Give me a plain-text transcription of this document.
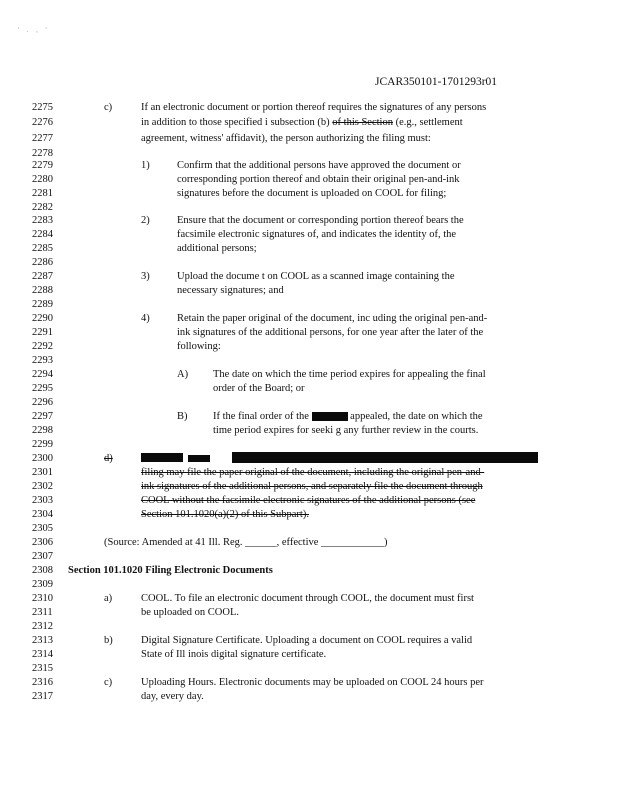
' . , '
JCAR350101-1701293r01
2275
2276
2277
2278
2279
2280
2281
2282
2283
2284
2285
2286
2287
2288
2289
2290
2291
2292
2293
2294
2295
2296
2297
2298
2299
2300
2301
2302
2303
2304
2305
2306
2307
2308
2309
2310
2311
2312
2313
2314
2315
2316
2317
c)	If an electronic document or portion thereof requires the signatures of any persons
in addition to those specified i subsection (b) of this Section (e.g., settlement
agreement, witness' affidavit), the person authorizing the filing must:
1)	Confirm that the additional persons have approved the document or
corresponding portion thereof and obtain their original pen-and-ink
signatures before the document is uploaded on COOL for filing;
2)	Ensure that the document or corresponding portion thereof bears the
facsimile electronic signatures of, and indicates the identity of, the
additional persons;
3)	Upload the docume t on COOL as a scanned image containing the
necessary signatures; and
4)	Retain the paper original of the document, inc uding the original pen-and-
ink signatures of the additional persons, for one year after the later of the
following:
A) The date on which the time period expires for appealing the final
order of the Board; or
B) If the final order of the	appealed, the date on which the
time period expires for seeki g any further review in the courts.
d)
filing may file the paper original of the document, including the original pen-and-
ink signatures of the additional persons, and separately file the document through
COOL without the facsimile electronic signatures of the additional persons (see
Section 101.1020(a)(2) of this Subpart).
(Source: Amended at 41 Ill. Reg. ______, effective ____________)
Section 101.1020 Filing Electronic Documents
a)	COOL. To file an electronic document through COOL, the document must first
be uploaded on COOL.
b)	Digital Signature Certificate. Uploading a document on COOL requires a valid
State of Ill inois digital signature certificate.
c)	Uploading Hours. Electronic documents may be uploaded on COOL 24 hours per
day, every day.
